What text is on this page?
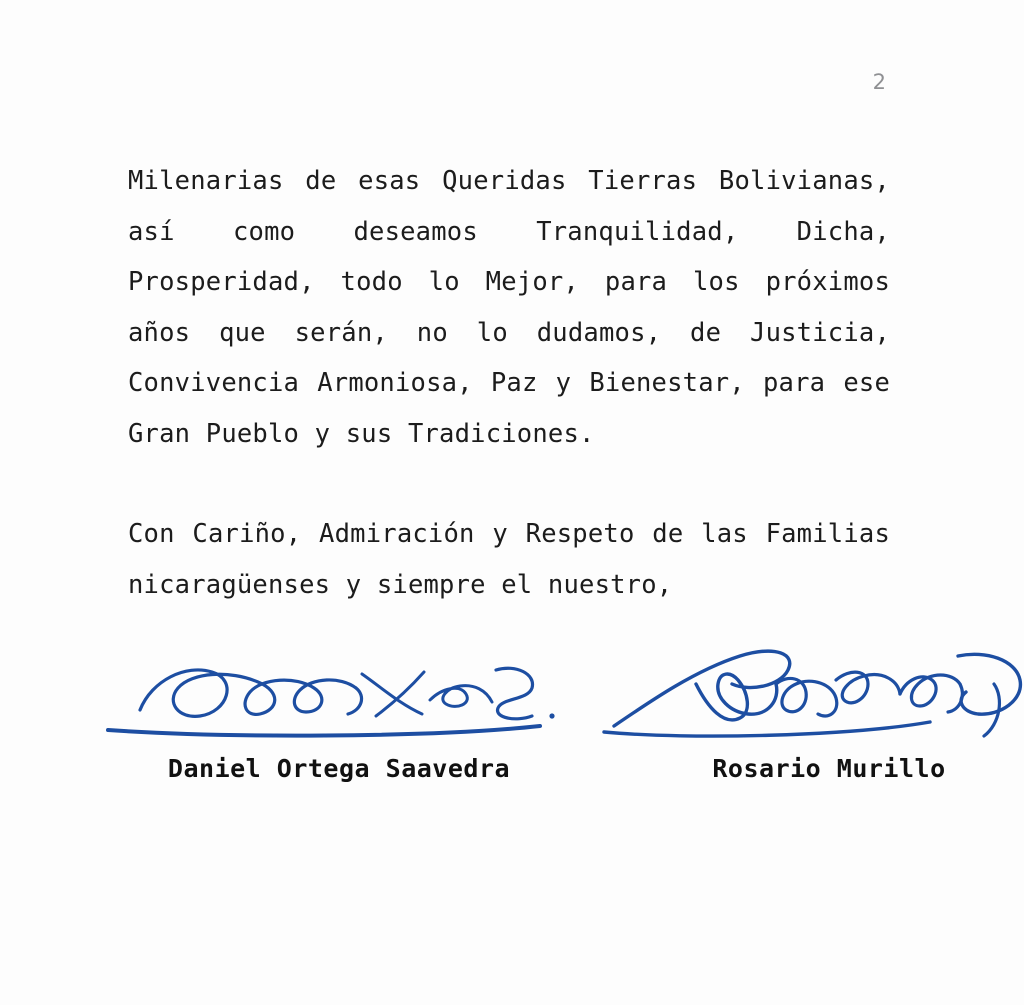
2
Milenarias de esas Queridas Tierras Bolivianas, así como deseamos Tranquilidad, Dicha, Prosperidad, todo lo Mejor, para los próximos años que serán, no lo dudamos, de Justicia, Convivencia Armoniosa, Paz y Bienestar, para ese Gran Pueblo y sus Tradiciones.
Con Cariño, Admiración y Respeto de las Familias nicaragüenses y siempre el nuestro,
Daniel Ortega Saavedra	Rosario Murillo
